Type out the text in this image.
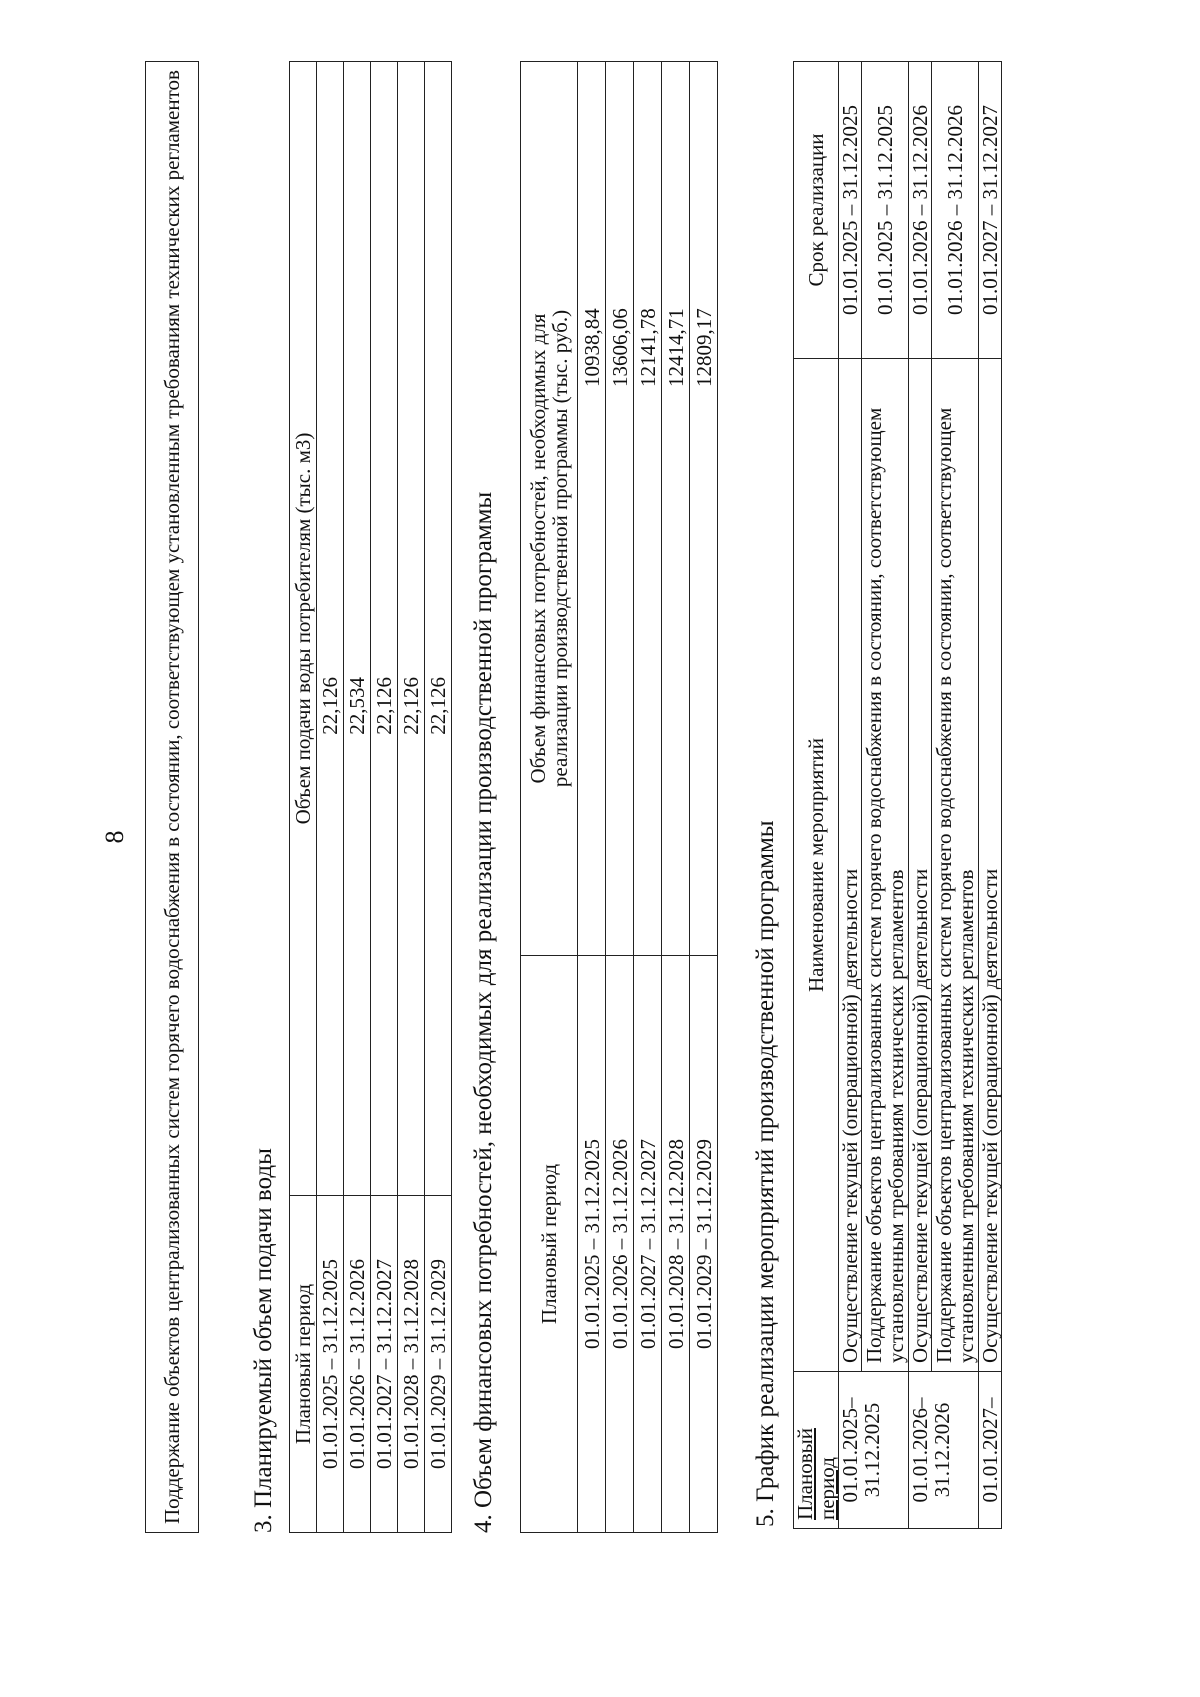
8 Поддержание объектов централизованных систем горячего водоснабжения в состоянии, соответствующем установленным требованиям технических регламентов	3. Планируемый объем подачи воды Плановый период	Объем подачи воды потребителям (тыс. м3)
01.01.2025 – 31.12.2025	22,126
01.01.2026 – 31.12.2026	22,534
01.01.2027 – 31.12.2027	22,126
01.01.2028 – 31.12.2028	22,126
01.01.2029 – 31.12.2029	22,126 4. Объем финансовых потребностей, необходимых для реализации производственной программы Плановый период	Объем финансовых потребностей, необходимых для реализации производственной программы (тыс. руб.)
01.01.2025 – 31.12.2025	10938,84
01.01.2026 – 31.12.2026	13606,06
01.01.2027 – 31.12.2027	12141,78
01.01.2028 – 31.12.2028	12414,71
01.01.2029 – 31.12.2029	12809,17
5. График реализации мероприятий производственной программы Плановый период	Наименование мероприятий	Срок реализации

01.01.2025–
31.12.2025	Осуществление текущей (операционной) деятельности	01.01.2025 – 31.12.2025
	Поддержание объектов централизованных систем горячего водоснабжения в состоянии, соответствующем установленным требованиям технических регламентов	01.01.2025 – 31.12.2025

01.01.2026–
31.12.2026	Осуществление текущей (операционной) деятельности	01.01.2026 – 31.12.2026
	Поддержание объектов централизованных систем горячего водоснабжения в состоянии, соответствующем установленным требованиям технических регламентов	01.01.2026 – 31.12.2026

01.01.2027–	Осуществление текущей (операционной) деятельности	01.01.2027 – 31.12.2027
